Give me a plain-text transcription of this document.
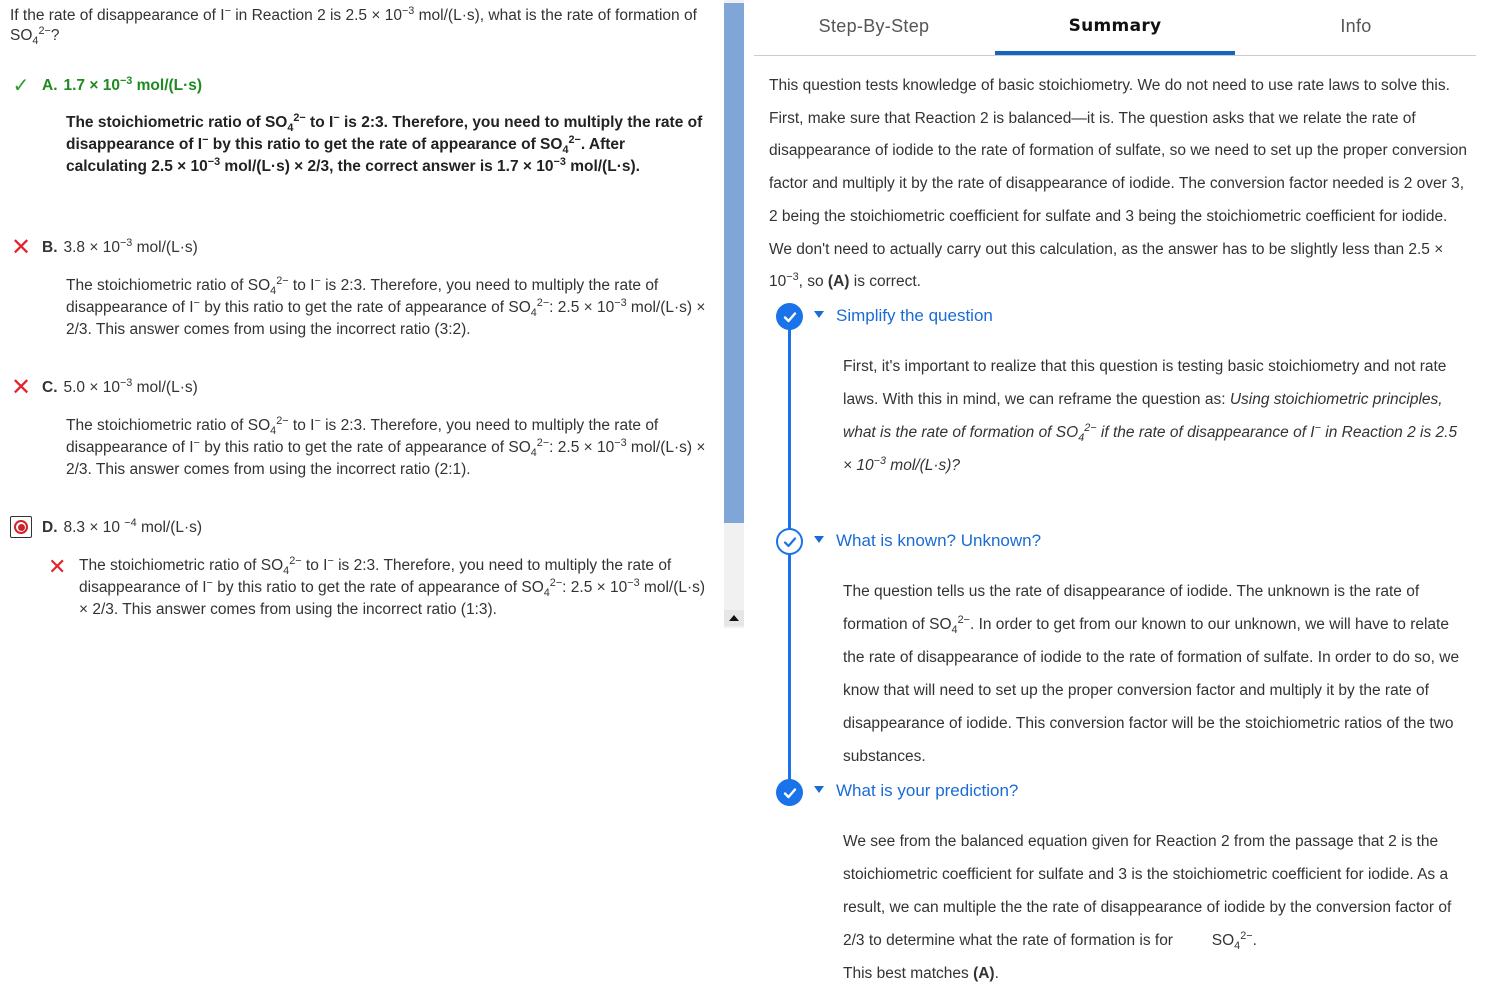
If the rate of disappearance of I− in Reaction 2 is $2.5 \times 10^{-3}$ mol/(L·s), what is the rate of formation of $SO_4^{2-}$?
✓ A. $1.7 \times 10^{-3}$ mol/(L·s)
The stoichiometric ratio of $SO_4^{2-}$ to I− is 2:3. Therefore, you need to multiply the rate of disappearance of I− by this ratio to get the rate of appearance of $SO_4^{2-}$. After calculating $2.5 \times 10^{-3}$ mol/(L·s) × 2/3, the correct answer is $1.7 \times 10^{-3}$ mol/(L·s).
✕ B. $3.8 \times 10^{-3}$ mol/(L·s)
The stoichiometric ratio of $SO_4^{2-}$ to I− is 2:3. Therefore, you need to multiply the rate of disappearance of I− by this ratio to get the rate of appearance of $SO_4^{2-}$: $2.5 \times 10^{-3}$ mol/(L·s) × 2/3. This answer comes from using the incorrect ratio (3:2).
✕ C. $5.0 \times 10^{-3}$ mol/(L·s)
The stoichiometric ratio of $SO_4^{2-}$ to I− is 2:3. Therefore, you need to multiply the rate of disappearance of I− by this ratio to get the rate of appearance of $SO_4^{2-}$: $2.5 \times 10^{-3}$ mol/(L·s) × 2/3. This answer comes from using the incorrect ratio (2:1).
D. 8.3 × 10 $^{-4}$ mol/(L·s)
✕ The stoichiometric ratio of $SO_4^{2-}$ to I− is 2:3. Therefore, you need to multiply the rate of disappearance of I− by this ratio to get the rate of appearance of $SO_4^{2-}$: $2.5 \times 10^{-3}$ mol/(L·s) × 2/3. This answer comes from using the incorrect ratio (1:3).
Step-By-Step	Summary	Info
This question tests knowledge of basic stoichiometry. We do not need to use rate laws to solve this. First, make sure that Reaction 2 is balanced—it is. The question asks that we relate the rate of disappearance of iodide to the rate of formation of sulfate, so we need to set up the proper conversion factor and multiply it by the rate of disappearance of iodide. The conversion factor needed is 2 over 3, 2 being the stoichiometric coefficient for sulfate and 3 being the stoichiometric coefficient for iodide. We don't need to actually carry out this calculation, as the answer has to be slightly less than $2.5 \times 10^{-3}$, so (A) is correct.
Simplify the question
First, it's important to realize that this question is testing basic stoichiometry and not rate laws. With this in mind, we can reframe the question as: Using stoichiometric principles, what is the rate of formation of $SO_4^{2-}$ if the rate of disappearance of I− in Reaction 2 is $2.5 \times 10^{-3}$ mol/(L·s)?
What is known? Unknown?
The question tells us the rate of disappearance of iodide. The unknown is the rate of formation of $SO_4^{2-}$. In order to get from our known to our unknown, we will have to relate the rate of disappearance of iodide to the rate of formation of sulfate. In order to do so, we know that will need to set up the proper conversion factor and multiply it by the rate of disappearance of iodide. This conversion factor will be the stoichiometric ratios of the two substances.
What is your prediction?
We see from the balanced equation given for Reaction 2 from the passage that 2 is the stoichiometric coefficient for sulfate and 3 is the stoichiometric coefficient for iodide. As a result, we can multiple the the rate of disappearance of iodide by the conversion factor of 2/3 to determine what the rate of formation is for	$SO_4^{2-}$.
This best matches (A).
